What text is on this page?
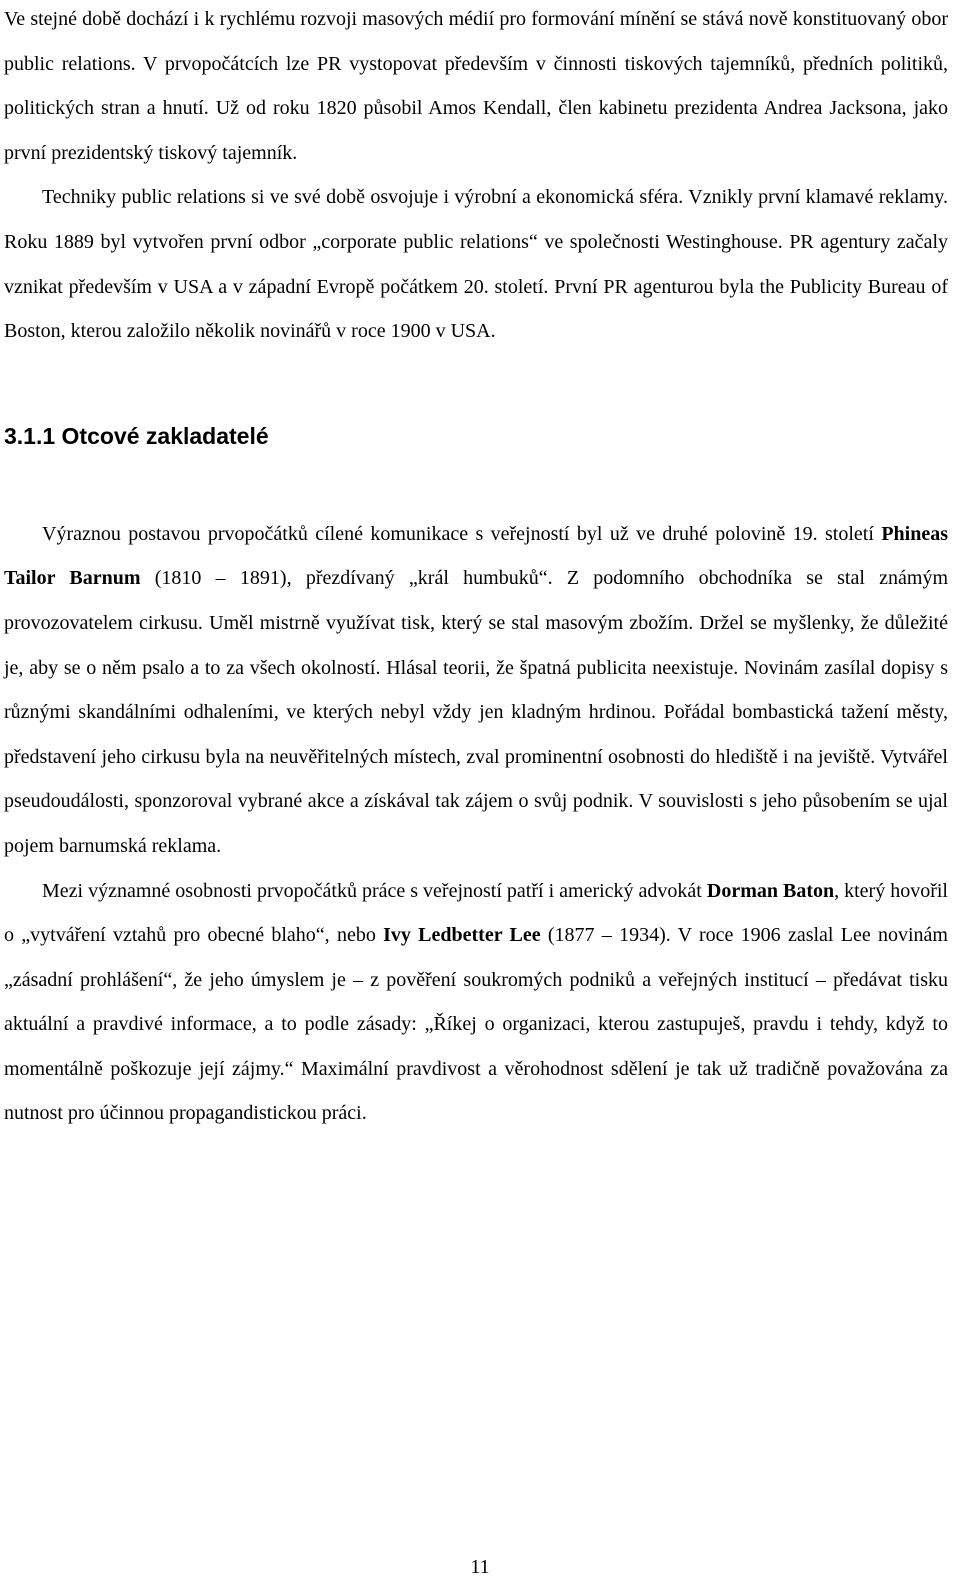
Ve stejné době dochází i k rychlému rozvoji masových médií pro formování mínění se stává nově konstituovaný obor public relations. V prvopočátcích lze PR vystopovat především v činnosti tiskových tajemníků, předních politiků, politických stran a hnutí. Už od roku 1820 působil Amos Kendall, člen kabinetu prezidenta Andrea Jacksona, jako první prezidentský tiskový tajemník.

Techniky public relations si ve své době osvojuje i výrobní a ekonomická sféra. Vznikly první klamavé reklamy. Roku 1889 byl vytvořen první odbor „corporate public relations“ ve společnosti Westinghouse. PR agentury začaly vznikat především v USA a v západní Evropě počátkem 20. století. První PR agenturou byla the Publicity Bureau of Boston, kterou založilo několik novinářů v roce 1900 v USA.

3.1.1 Otcové zakladatelé

Výraznou postavou prvopočátků cílené komunikace s veřejností byl už ve druhé polovině 19. století Phineas Tailor Barnum (1810 – 1891), přezdívaný „král humbuků“. Z podomního obchodníka se stal známým provozovatelem cirkusu. Uměl mistrně využívat tisk, který se stal masovým zbožím. Držel se myšlenky, že důležité je, aby se o něm psalo a to za všech okolností. Hlásal teorii, že špatná publicita neexistuje. Novinám zasílal dopisy s různými skandálními odhaleními, ve kterých nebyl vždy jen kladným hrdinou. Pořádal bombastická tažení městy, představení jeho cirkusu byla na neuvěřitelných místech, zval prominentní osobnosti do hlediště i na jeviště. Vytvářel pseudoudálosti, sponzoroval vybrané akce a získával tak zájem o svůj podnik. V souvislosti s jeho působením se ujal pojem barnumská reklama.

Mezi významné osobnosti prvopočátků práce s veřejností patří i americký advokát Dorman Baton, který hovořil o „vytváření vztahů pro obecné blaho“, nebo Ivy Ledbetter Lee (1877 – 1934). V roce 1906 zaslal Lee novinám „zásadní prohlášení“, že jeho úmyslem je – z pověření soukromých podniků a veřejných institucí – předávat tisku aktuální a pravdivé informace, a to podle zásady: „Říkej o organizaci, kterou zastupuješ, pravdu i tehdy, když to momentálně poškozuje její zájmy.“ Maximální pravdivost a věrohodnost sdělení je tak už tradičně považována za nutnost pro účinnou propagandistickou práci.

11
